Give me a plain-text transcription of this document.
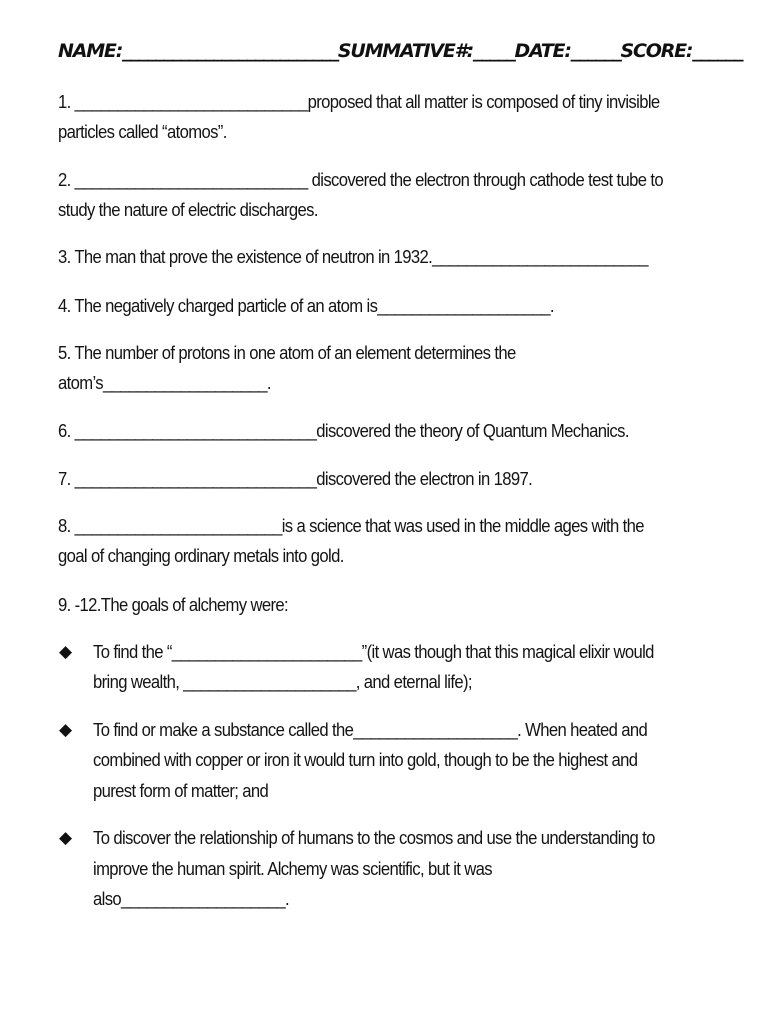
NAME:__________________________SUMMATIVE#:_____DATE:______SCORE:______
1. ___________________________proposed that all matter is composed of tiny invisible
particles called “atomos”.
2. ___________________________ discovered the electron through cathode test tube to
study the nature of electric discharges.
3. The man that prove the existence of neutron in 1932._________________________
4. The negatively charged particle of an atom is____________________.
5. The number of protons in one atom of an element determines the
atom’s___________________.
6. ____________________________discovered the theory of Quantum Mechanics.
7. ____________________________discovered the electron in 1897.
8. ________________________is a science that was used in the middle ages with the
goal of changing ordinary metals into gold.
9. -12.The goals of alchemy were:
◆ To find the “______________________”(it was though that this magical elixir would
bring wealth, ____________________, and eternal life);
◆ To find or make a substance called the___________________. When heated and
combined with copper or iron it would turn into gold, though to be the highest and
purest form of matter; and
◆ To discover the relationship of humans to the cosmos and use the understanding to
improve the human spirit. Alchemy was scientific, but it was
also___________________.
